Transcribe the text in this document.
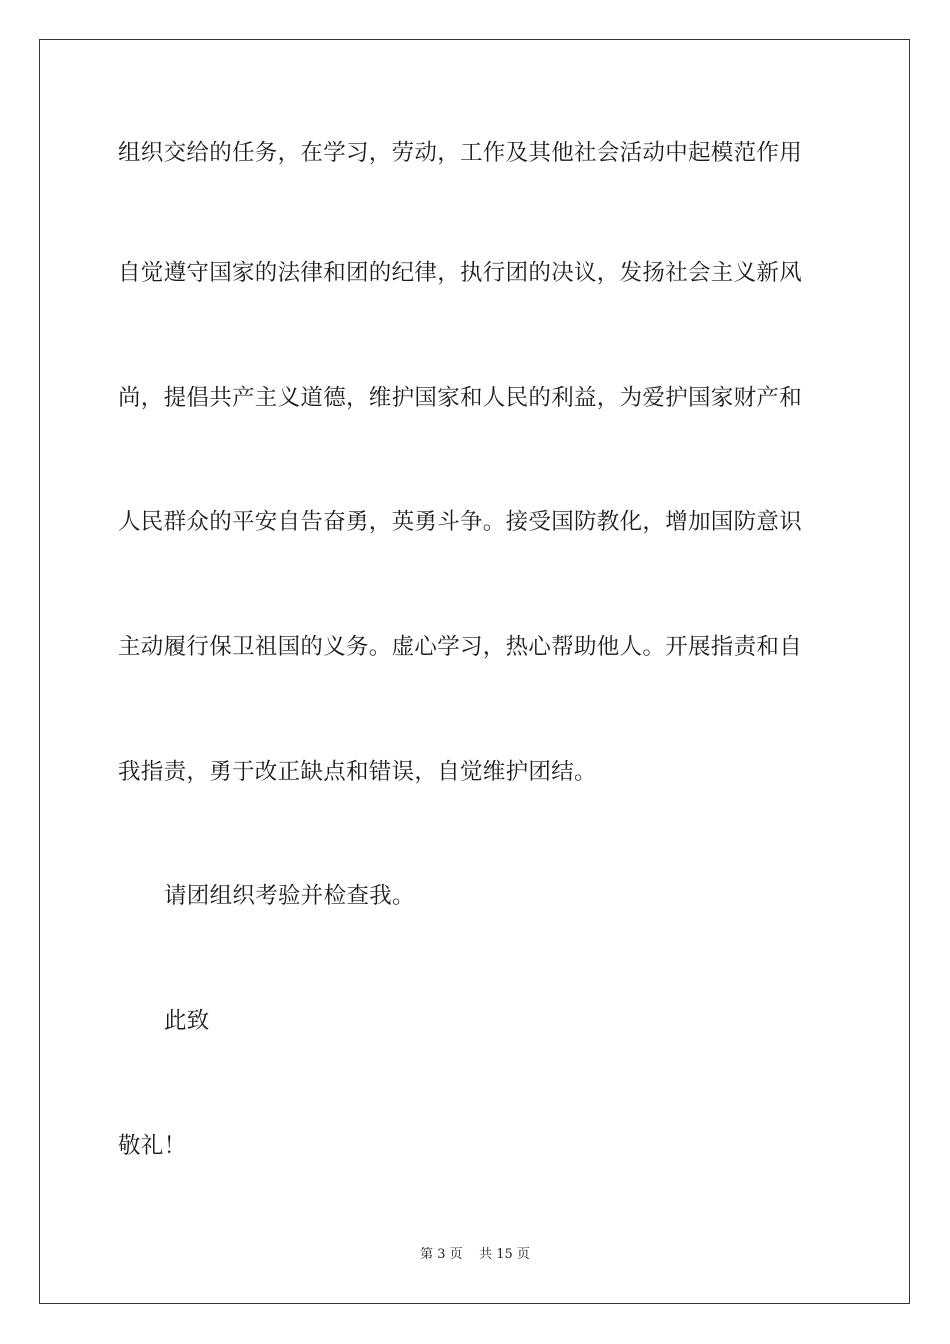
组织交给的任务，在学习，劳动，工作及其他社会活动中起模范作用
自觉遵守国家的法律和团的纪律，执行团的决议，发扬社会主义新风
尚，提倡共产主义道德，维护国家和人民的利益，为爱护国家财产和
人民群众的平安自告奋勇，英勇斗争。接受国防教化，增加国防意识
主动履行保卫祖国的义务。虚心学习，热心帮助他人。开展指责和自
我指责，勇于改正缺点和错误，自觉维护团结。
请团组织考验并检查我。
此致
敬礼！
第 3 页    共 15 页
